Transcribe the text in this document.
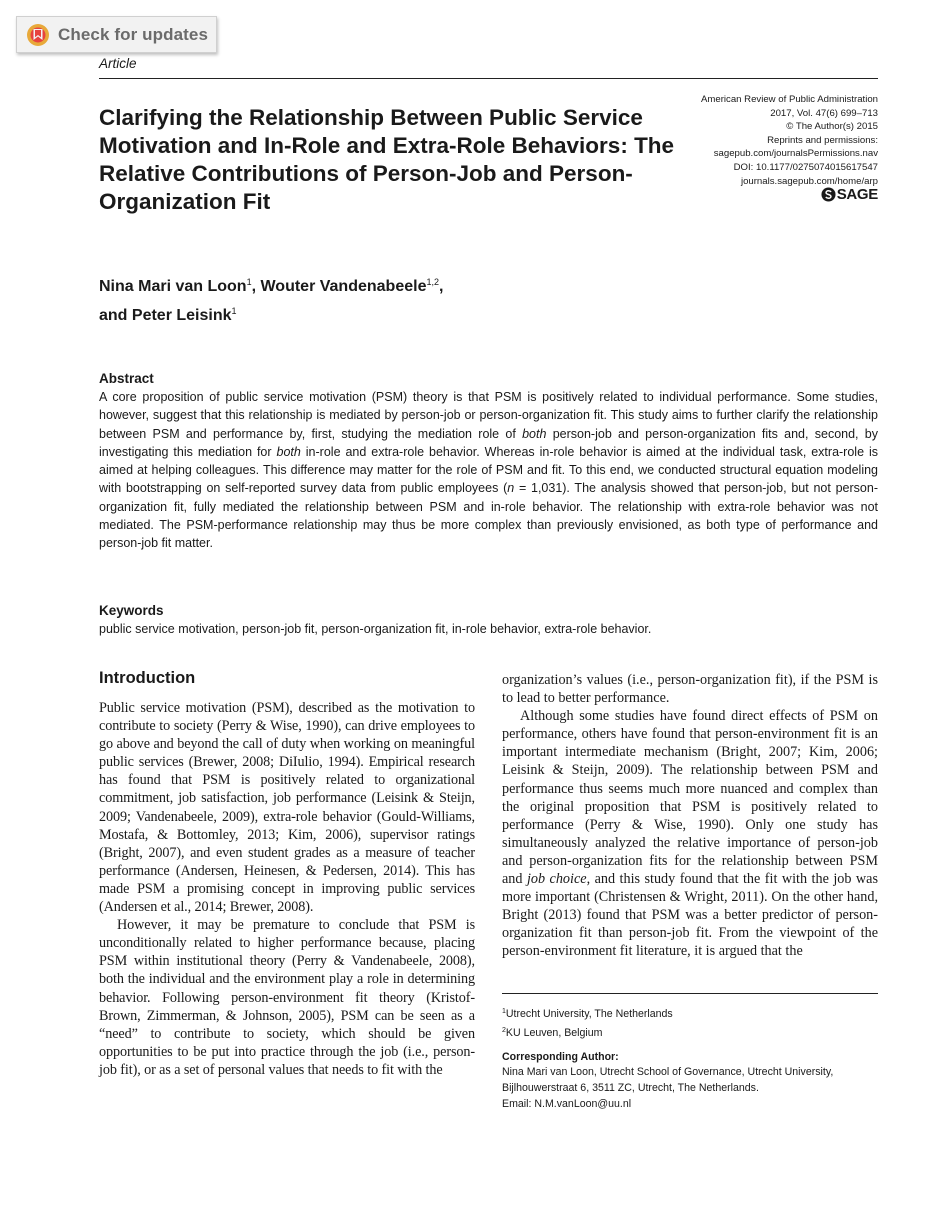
Check for updates
Article
Clarifying the Relationship Between Public Service Motivation and In-Role and Extra-Role Behaviors: The Relative Contributions of Person-Job and Person-Organization Fit
American Review of Public Administration
2017, Vol. 47(6) 699–713
© The Author(s) 2015
Reprints and permissions:
sagepub.com/journalsPermissions.nav
DOI: 10.1177/0275074015617547
journals.sagepub.com/home/arp
SAGE
Nina Mari van Loon$^1$, Wouter Vandenabeele$^{1,2}$,
and Peter Leisink$^1$
Abstract
A core proposition of public service motivation (PSM) theory is that PSM is positively related to individual performance. Some studies, however, suggest that this relationship is mediated by person-job or person-organization fit. This study aims to further clarify the relationship between PSM and performance by, first, studying the mediation role of both person-job and person-organization fits and, second, by investigating this mediation for both in-role and extra-role behavior. Whereas in-role behavior is aimed at the individual task, extra-role is aimed at helping colleagues. This difference may matter for the role of PSM and fit. To this end, we conducted structural equation modeling with bootstrapping on self-reported survey data from public employees (n = 1,031). The analysis showed that person-job, but not person-organization fit, fully mediated the relationship between PSM and in-role behavior. The relationship with extra-role behavior was not mediated. The PSM-performance relationship may thus be more complex than previously envisioned, as both type of performance and person-job fit matter.
Keywords
public service motivation, person-job fit, person-organization fit, in-role behavior, extra-role behavior.
Introduction

Public service motivation (PSM), described as the motivation to contribute to society (Perry & Wise, 1990), can drive employees to go above and beyond the call of duty when working on meaningful public services (Brewer, 2008; DiIulio, 1994). Empirical research has found that PSM is positively related to organizational commitment, job satisfaction, job performance (Leisink & Steijn, 2009; Vandenabeele, 2009), extra-role behavior (Gould-Williams, Mostafa, & Bottomley, 2013; Kim, 2006), supervisor ratings (Bright, 2007), and even student grades as a measure of teacher performance (Andersen, Heinesen, & Pedersen, 2014). This has made PSM a promising concept in improving public services (Andersen et al., 2014; Brewer, 2008).

However, it may be premature to conclude that PSM is unconditionally related to higher performance because, placing PSM within institutional theory (Perry & Vandenabeele, 2008), both the individual and the environment play a role in determining behavior. Following person-environment fit theory (Kristof-Brown, Zimmerman, & Johnson, 2005), PSM can be seen as a “need” to contribute to society, which should be given opportunities to be put into practice through the job (i.e., person-job fit), or as a set of personal values that needs to fit with the

organization’s values (i.e., person-organization fit), if the PSM is to lead to better performance.

Although some studies have found direct effects of PSM on performance, others have found that person-environment fit is an important intermediate mechanism (Bright, 2007; Kim, 2006; Leisink & Steijn, 2009). The relationship between PSM and performance thus seems much more nuanced and complex than the original proposition that PSM is positively related to performance (Perry & Wise, 1990). Only one study has simultaneously analyzed the relative importance of person-job and person-organization fits for the relationship between PSM and job choice, and this study found that the fit with the job was more important (Christensen & Wright, 2011). On the other hand, Bright (2013) found that PSM was a better predictor of person-organization fit than person-job fit. From the viewpoint of the person-environment fit literature, it is argued that the

$^1$Utrecht University, The Netherlands
$^2$KU Leuven, Belgium
Corresponding Author:
Nina Mari van Loon, Utrecht School of Governance, Utrecht University, Bijlhouwerstraat 6, 3511 ZC, Utrecht, The Netherlands.
Email: N.M.vanLoon@uu.nl
